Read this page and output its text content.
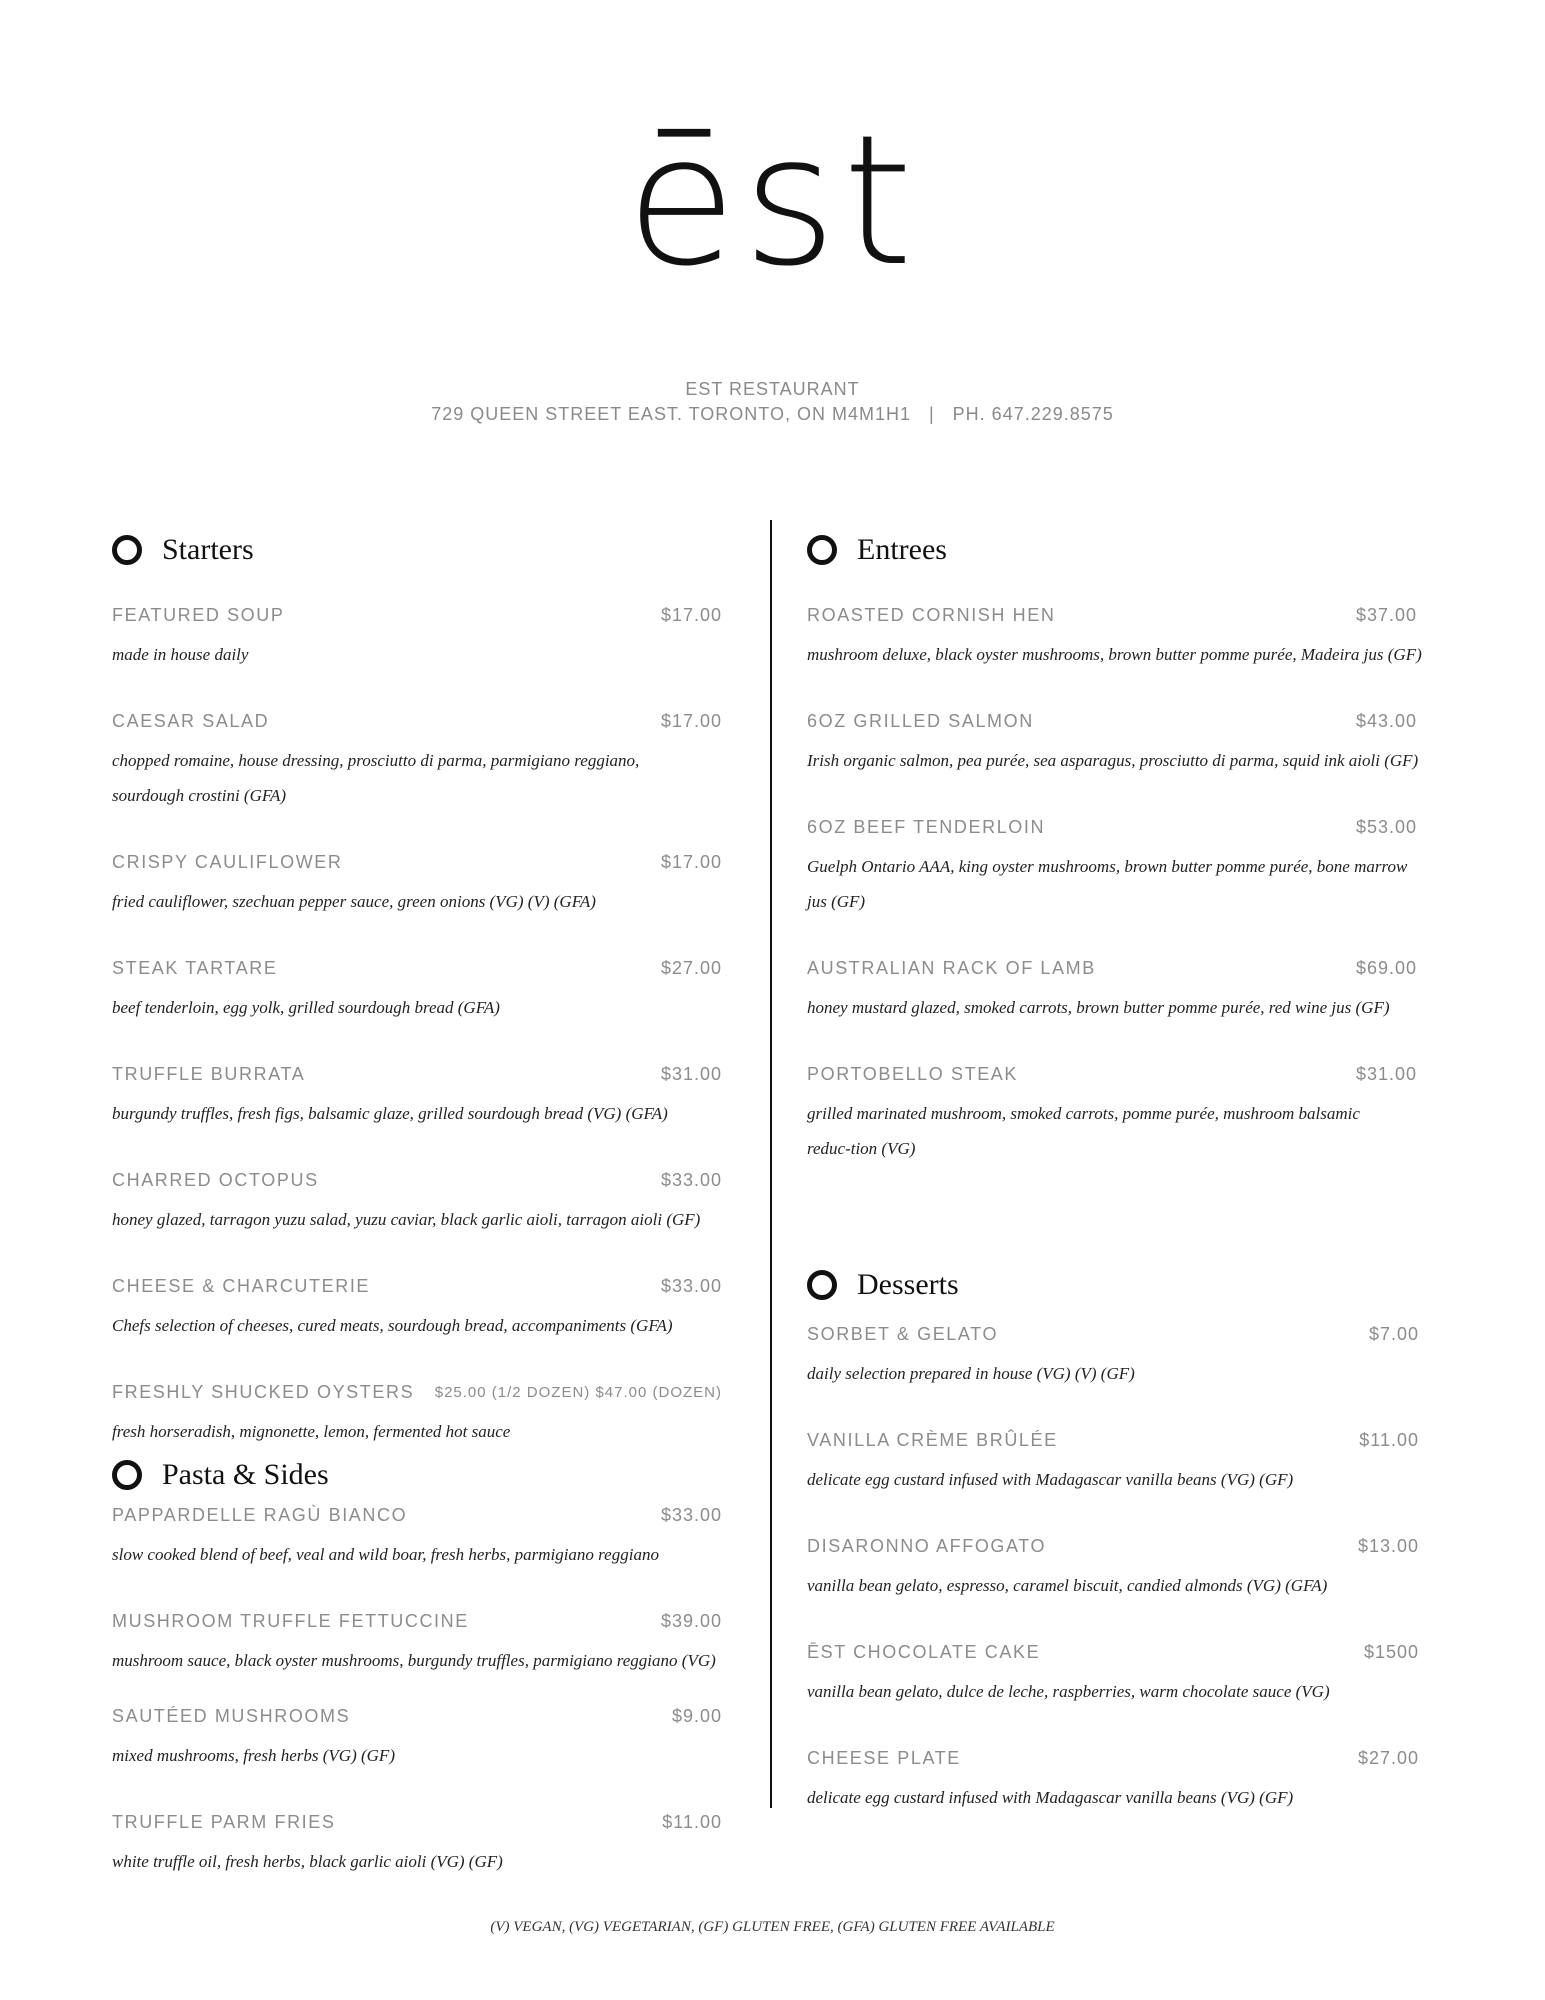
ēst
EST RESTAURANT
729 QUEEN STREET EAST. TORONTO, ON M4M1H1   |   PH. 647.229.8575
Starters
FEATURED SOUP	$17.00
made in house daily
CAESAR SALAD	$17.00
chopped romaine, house dressing, prosciutto di parma, parmigiano reggiano, sourdough crostini (GFA)
CRISPY CAULIFLOWER	$17.00
fried cauliflower, szechuan pepper sauce, green onions (VG) (V) (GFA)
STEAK TARTARE	$27.00
beef tenderloin, egg yolk, grilled sourdough bread (GFA)
TRUFFLE BURRATA	$31.00
burgundy truffles, fresh figs, balsamic glaze, grilled sourdough bread (VG) (GFA)
CHARRED OCTOPUS	$33.00
honey glazed, tarragon yuzu salad, yuzu caviar, black garlic aioli, tarragon aioli (GF)
CHEESE & CHARCUTERIE	$33.00
Chefs selection of cheeses, cured meats, sourdough bread, accompaniments (GFA)
FRESHLY SHUCKED OYSTERS $25.00 (1/2 DOZEN) $47.00 (DOZEN)
fresh horseradish, mignonette, lemon, fermented hot sauce
Pasta & Sides
PAPPARDELLE RAGÙ BIANCO	$33.00
slow cooked blend of beef, veal and wild boar, fresh herbs, parmigiano reggiano
MUSHROOM TRUFFLE FETTUCCINE	$39.00
mushroom sauce, black oyster mushrooms, burgundy truffles, parmigiano reggiano (VG)
SAUTÉED MUSHROOMS	$9.00
mixed mushrooms, fresh herbs (VG) (GF)
TRUFFLE PARM FRIES	$11.00
white truffle oil, fresh herbs, black garlic aioli (VG) (GF)
Entrees
ROASTED CORNISH HEN	$37.00
mushroom deluxe, black oyster mushrooms, brown butter pomme purée, Madeira jus (GF)
6OZ GRILLED SALMON	$43.00
Irish organic salmon, pea purée, sea asparagus, prosciutto di parma, squid ink aioli (GF)
6OZ BEEF TENDERLOIN	$53.00
Guelph Ontario AAA, king oyster mushrooms, brown butter pomme purée, bone marrow jus (GF)
AUSTRALIAN RACK OF LAMB	$69.00
honey mustard glazed, smoked carrots, brown butter pomme purée, red wine jus (GF)
PORTOBELLO STEAK	$31.00
grilled marinated mushroom, smoked carrots, pomme purée, mushroom balsamic reduc-tion (VG)
Desserts
SORBET & GELATO	$7.00
daily selection prepared in house (VG) (V) (GF)
VANILLA CRÈME BRÛLÉE	$11.00
delicate egg custard infused with Madagascar vanilla beans (VG) (GF)
DISARONNO AFFOGATO	$13.00
vanilla bean gelato, espresso, caramel biscuit, candied almonds (VG) (GFA)
ĒST CHOCOLATE CAKE	$1500
vanilla bean gelato, dulce de leche, raspberries, warm chocolate sauce (VG)
CHEESE PLATE	$27.00
delicate egg custard infused with Madagascar vanilla beans (VG) (GF)
(V) VEGAN, (VG) VEGETARIAN, (GF) GLUTEN FREE, (GFA) GLUTEN FREE AVAILABLE
